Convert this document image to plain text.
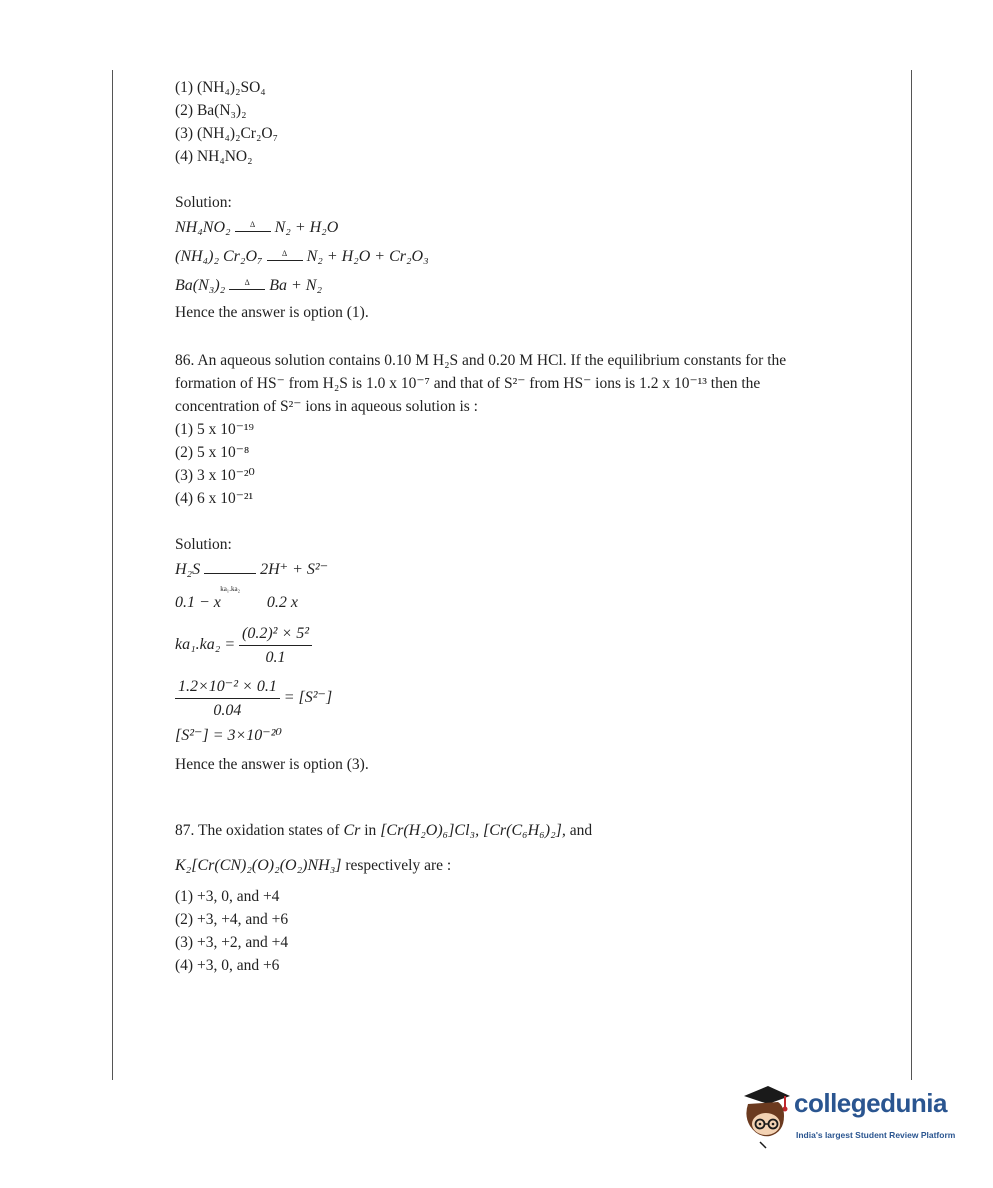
(1) (NH₄)₂SO₄
(2) Ba(N₃)₂
(3) (NH₄)₂Cr₂O₇
(4) NH₄NO₂
Solution:
NH₄NO₂	Δ	N₂ + H₂O
(NH₄)₂ Cr₂O₇	Δ	N₂ + H₂O + Cr₂O₃
Ba(N₃)₂	Δ	Ba + N₂
Hence the answer is option (1).
86. An aqueous solution contains 0.10 M H₂S and 0.20 M HCl. If the equilibrium constants for the formation of HS⁻ from H₂S is 1.0 x 10⁻⁷ and that of S²⁻ from HS⁻ ions is 1.2 x 10⁻¹³ then the concentration of S²⁻ ions in aqueous solution is :
(1) 5 x 10⁻¹⁹
(2) 5 x 10⁻⁸
(3) 3 x 10⁻²⁰
(4) 6 x 10⁻²¹
Solution:
H₂S
ka₁.ka₂
2H⁺ + S²⁻
0.1 − x	0.2 x
$ka_1.ka_2 = \frac{\text{(0.2)² × 5²}}{0.1}$
$\frac{\text{1.2×10⁻² × 0.1}}{0.04} = [S^{2-}]$
[S²⁻] = 3×10⁻²⁰
Hence the answer is option (3).
87. The oxidation states of Cr in [Cr(H₂O)₆]Cl₃, [Cr(C₆H₆)₂], and
K₂[Cr(CN)₂(O)₂(O₂)NH₃] respectively are :
(1) +3, 0, and +4
(2) +3, +4, and +6
(3) +3, +2, and +4
(4) +3, 0, and +6
collegedunia
India's largest Student Review Platform
